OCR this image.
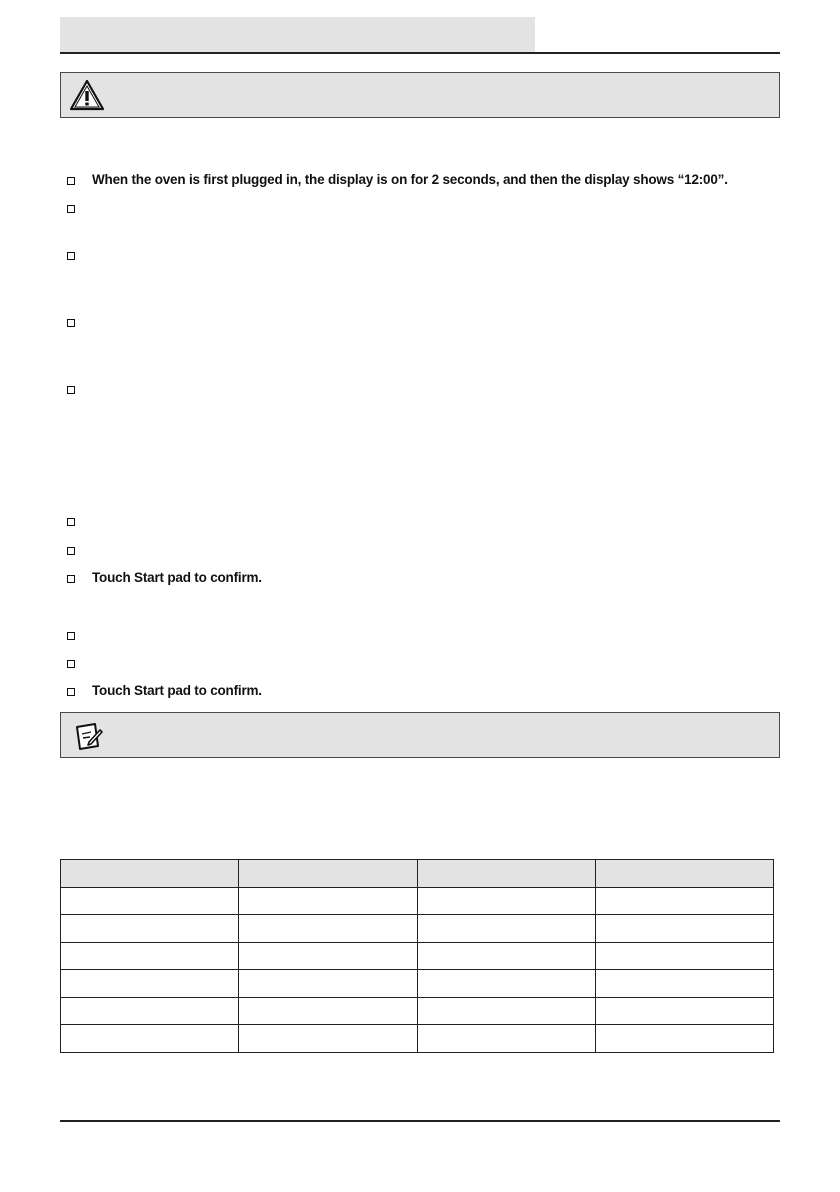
When the oven is first plugged in, the display is on for 2 seconds, and then the display shows “12:00”.
Touch Start pad to confirm.
Touch Start pad to confirm.
